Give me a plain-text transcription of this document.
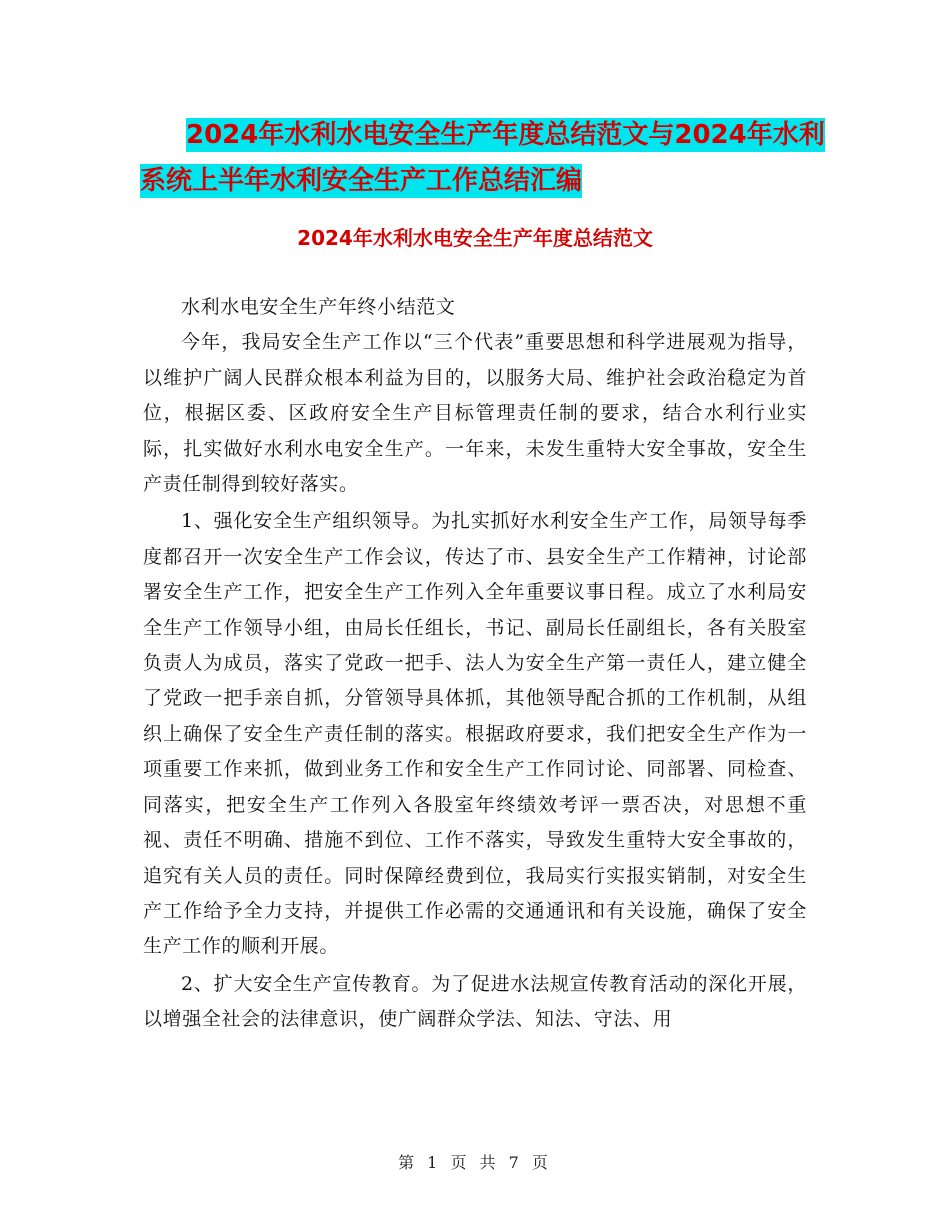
2024年水利水电安全生产年度总结范文与2024年水利
系统上半年水利安全生产工作总结汇编
2024年水利水电安全生产年度总结范文

水利水电安全生产年终小结范文

今年，我局安全生产工作以“三个代表”重要思想和科学进展观为指导，以维护广阔人民群众根本利益为目的，以服务大局、维护社会政治稳定为首位，根据区委、区政府安全生产目标管理责任制的要求，结合水利行业实际，扎实做好水利水电安全生产。一年来，未发生重特大安全事故，安全生产责任制得到较好落实。

1、强化安全生产组织领导。为扎实抓好水利安全生产工作，局领导每季度都召开一次安全生产工作会议，传达了市、县安全生产工作精神，讨论部署安全生产工作，把安全生产工作列入全年重要议事日程。成立了水利局安全生产工作领导小组，由局长任组长，书记、副局长任副组长，各有关股室负责人为成员，落实了党政一把手、法人为安全生产第一责任人，建立健全了党政一把手亲自抓，分管领导具体抓，其他领导配合抓的工作机制，从组织上确保了安全生产责任制的落实。根据政府要求，我们把安全生产作为一项重要工作来抓，做到业务工作和安全生产工作同讨论、同部署、同检查、同落实，把安全生产工作列入各股室年终绩效考评一票否决，对思想不重视、责任不明确、措施不到位、工作不落实，导致发生重特大安全事故的，追究有关人员的责任。同时保障经费到位，我局实行实报实销制，对安全生产工作给予全力支持，并提供工作必需的交通通讯和有关设施，确保了安全生产工作的顺利开展。

2、扩大安全生产宣传教育。为了促进水法规宣传教育活动的深化开展，以增强全社会的法律意识，使广阔群众学法、知法、守法、用

第 1 页 共 7 页
